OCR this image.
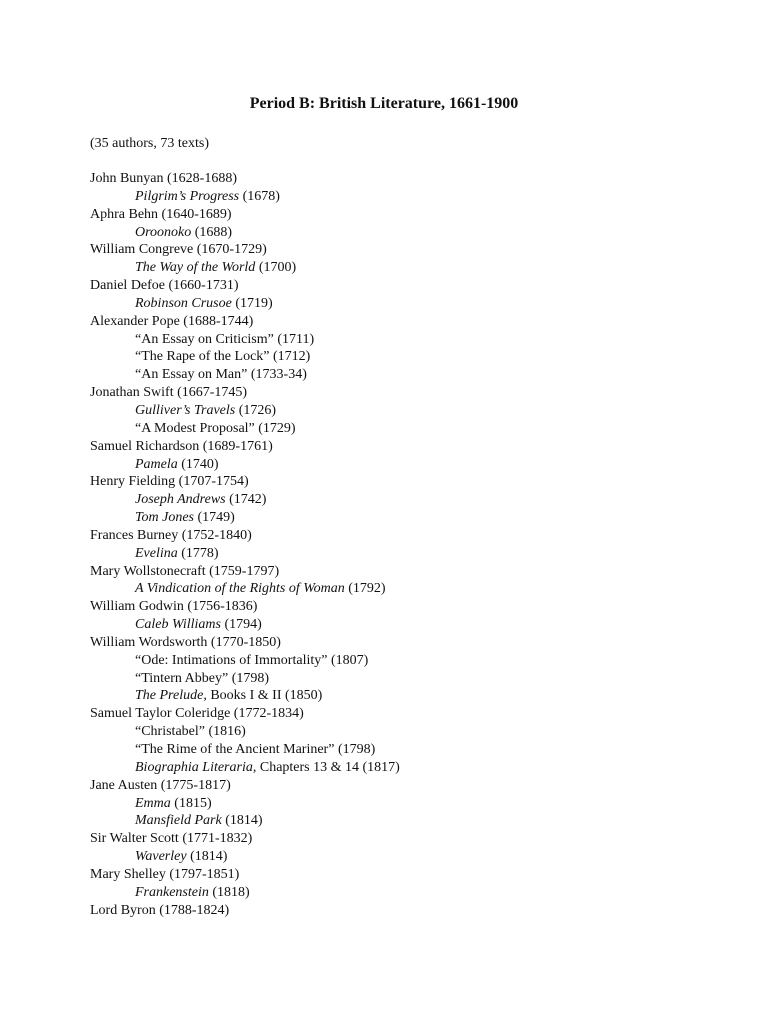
Period B: British Literature, 1661-1900
(35 authors, 73 texts)
John Bunyan (1628-1688)
Pilgrim’s Progress (1678)
Aphra Behn (1640-1689)
Oroonoko (1688)
William Congreve (1670-1729)
The Way of the World (1700)
Daniel Defoe (1660-1731)
Robinson Crusoe (1719)
Alexander Pope (1688-1744)
“An Essay on Criticism” (1711)
“The Rape of the Lock” (1712)
“An Essay on Man” (1733-34)
Jonathan Swift (1667-1745)
Gulliver’s Travels (1726)
“A Modest Proposal” (1729)
Samuel Richardson (1689-1761)
Pamela (1740)
Henry Fielding (1707-1754)
Joseph Andrews (1742)
Tom Jones (1749)
Frances Burney (1752-1840)
Evelina (1778)
Mary Wollstonecraft (1759-1797)
A Vindication of the Rights of Woman (1792)
William Godwin (1756-1836)
Caleb Williams (1794)
William Wordsworth (1770-1850)
“Ode: Intimations of Immortality” (1807)
“Tintern Abbey” (1798)
The Prelude, Books I & II (1850)
Samuel Taylor Coleridge (1772-1834)
“Christabel” (1816)
“The Rime of the Ancient Mariner” (1798)
Biographia Literaria, Chapters 13 & 14 (1817)
Jane Austen (1775-1817)
Emma (1815)
Mansfield Park (1814)
Sir Walter Scott (1771-1832)
Waverley (1814)
Mary Shelley (1797-1851)
Frankenstein (1818)
Lord Byron (1788-1824)
